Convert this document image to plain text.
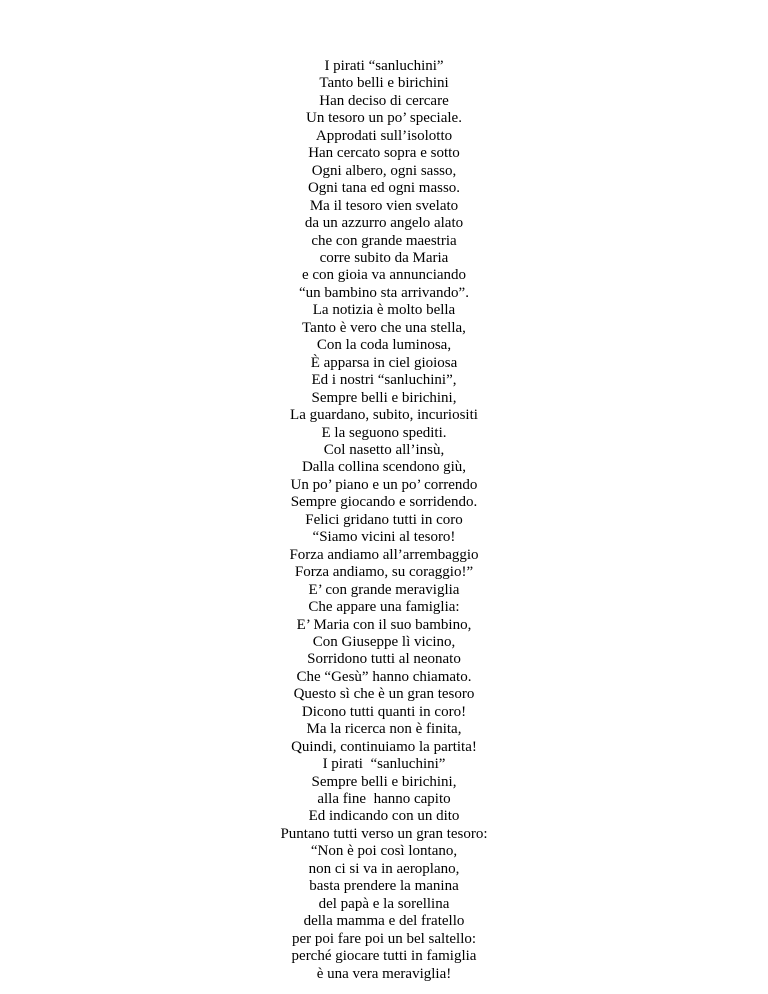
I pirati “sanluchini”
Tanto belli e birichini
Han deciso di cercare
Un tesoro un po’ speciale.
Approdati sull’isolotto
Han cercato sopra e sotto
Ogni albero, ogni sasso,
Ogni tana ed ogni masso.
Ma il tesoro vien svelato
da un azzurro angelo alato
che con grande maestria
corre subito da Maria
e con gioia va annunciando
“un bambino sta arrivando”.
La notizia è molto bella
Tanto è vero che una stella,
Con la coda luminosa,
È apparsa in ciel gioiosa
Ed i nostri “sanluchini”,
Sempre belli e birichini,
La guardano, subito, incuriositi
E la seguono spediti.
Col nasetto all’insù,
Dalla collina scendono giù,
Un po’ piano e un po’ correndo
Sempre giocando e sorridendo.
Felici gridano tutti in coro
“Siamo vicini al tesoro!
Forza andiamo all’arrembaggio
Forza andiamo, su coraggio!”
E’ con grande meraviglia
Che appare una famiglia:
E’ Maria con il suo bambino,
Con Giuseppe lì vicino,
Sorridono tutti al neonato
Che “Gesù” hanno chiamato.
Questo sì che è un gran tesoro
Dicono tutti quanti in coro!
Ma la ricerca non è finita,
Quindi, continuiamo la partita!
I pirati  “sanluchini”
Sempre belli e birichini,
alla fine  hanno capito
Ed indicando con un dito
Puntano tutti verso un gran tesoro:
“Non è poi così lontano,
non ci si va in aeroplano,
basta prendere la manina
del papà e la sorellina
della mamma e del fratello
per poi fare poi un bel saltello:
perché giocare tutti in famiglia
è una vera meraviglia!
